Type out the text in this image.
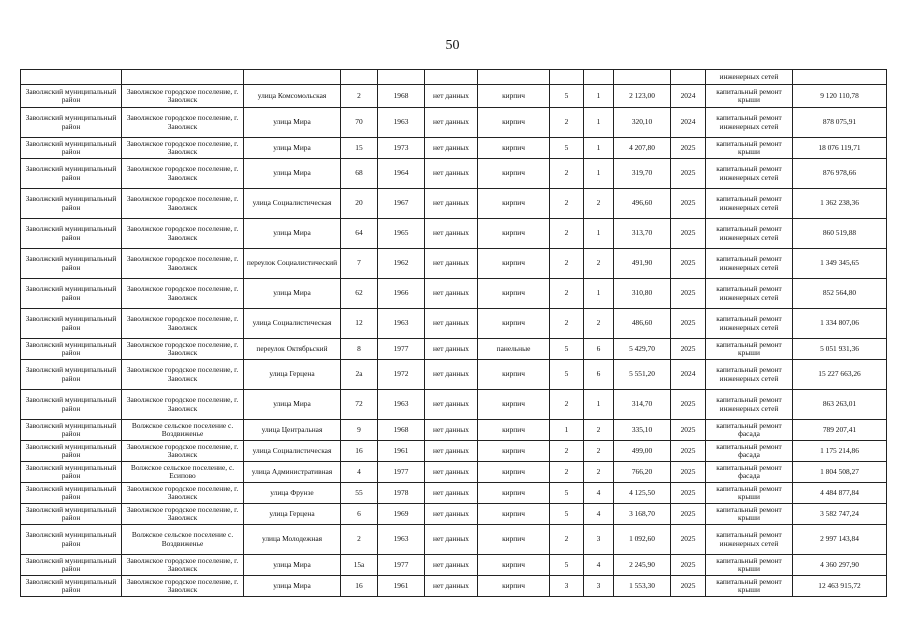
50
											инженерных сетей	
Заволжский муниципальный район	Заволжское городское поселение, г. Заволжск	улица Комсомольская	2	1968	нет данных	кирпич	5	1	2 123,00	2024	капитальный ремонт крыши	9 120 110,78
Заволжский муниципальный район	Заволжское городское поселение, г. Заволжск	улица Мира	70	1963	нет данных	кирпич	2	1	320,10	2024	капитальный ремонт инженерных сетей	878 075,91
Заволжский муниципальный район	Заволжское городское поселение, г. Заволжск	улица Мира	15	1973	нет данных	кирпич	5	1	4 207,80	2025	капитальный ремонт крыши	18 076 119,71
Заволжский муниципальный район	Заволжское городское поселение, г. Заволжск	улица Мира	68	1964	нет данных	кирпич	2	1	319,70	2025	капитальный ремонт инженерных сетей	876 978,66
Заволжский муниципальный район	Заволжское городское поселение, г. Заволжск	улица Социалистическая	20	1967	нет данных	кирпич	2	2	496,60	2025	капитальный ремонт инженерных сетей	1 362 238,36
Заволжский муниципальный район	Заволжское городское поселение, г. Заволжск	улица Мира	64	1965	нет данных	кирпич	2	1	313,70	2025	капитальный ремонт инженерных сетей	860 519,88
Заволжский муниципальный район	Заволжское городское поселение, г. Заволжск	переулок Социалистический	7	1962	нет данных	кирпич	2	2	491,90	2025	капитальный ремонт инженерных сетей	1 349 345,65
Заволжский муниципальный район	Заволжское городское поселение, г. Заволжск	улица Мира	62	1966	нет данных	кирпич	2	1	310,80	2025	капитальный ремонт инженерных сетей	852 564,80
Заволжский муниципальный район	Заволжское городское поселение, г. Заволжск	улица Социалистическая	12	1963	нет данных	кирпич	2	2	486,60	2025	капитальный ремонт инженерных сетей	1 334 807,06
Заволжский муниципальный район	Заволжское городское поселение, г. Заволжск	переулок Октябрьский	8	1977	нет данных	панельные	5	6	5 429,70	2025	капитальный ремонт крыши	5 051 931,36
Заволжский муниципальный район	Заволжское городское поселение, г. Заволжск	улица Герцена	2а	1972	нет данных	кирпич	5	6	5 551,20	2024	капитальный ремонт инженерных сетей	15 227 663,26
Заволжский муниципальный район	Заволжское городское поселение, г. Заволжск	улица Мира	72	1963	нет данных	кирпич	2	1	314,70	2025	капитальный ремонт инженерных сетей	863 263,01
Заволжский муниципальный район	Волжское сельское поселение с. Воздвиженье	улица Центральная	9	1968	нет данных	кирпич	1	2	335,10	2025	капитальный ремонт фасада	789 207,41
Заволжский муниципальный район	Заволжское городское поселение, г. Заволжск	улица Социалистическая	16	1961	нет данных	кирпич	2	2	499,00	2025	капитальный ремонт фасада	1 175 214,86
Заволжский муниципальный район	Волжское сельское поселение, с. Есипово	улица Административная	4	1977	нет данных	кирпич	2	2	766,20	2025	капитальный ремонт фасада	1 804 508,27
Заволжский муниципальный район	Заволжское городское поселение, г. Заволжск	улица Фрунзе	55	1978	нет данных	кирпич	5	4	4 125,50	2025	капитальный ремонт крыши	4 484 877,84
Заволжский муниципальный район	Заволжское городское поселение, г. Заволжск	улица Герцена	6	1969	нет данных	кирпич	5	4	3 168,70	2025	капитальный ремонт крыши	3 582 747,24
Заволжский муниципальный район	Волжское сельское поселение с. Воздвиженье	улица Молодежная	2	1963	нет данных	кирпич	2	3	1 092,60	2025	капитальный ремонт инженерных сетей	2 997 143,84
Заволжский муниципальный район	Заволжское городское поселение, г. Заволжск	улица Мира	15а	1977	нет данных	кирпич	5	4	2 245,90	2025	капитальный ремонт крыши	4 360 297,90
Заволжский муниципальный район	Заволжское городское поселение, г. Заволжск	улица Мира	16	1961	нет данных	кирпич	3	3	1 553,30	2025	капитальный ремонт крыши	12 463 915,72
